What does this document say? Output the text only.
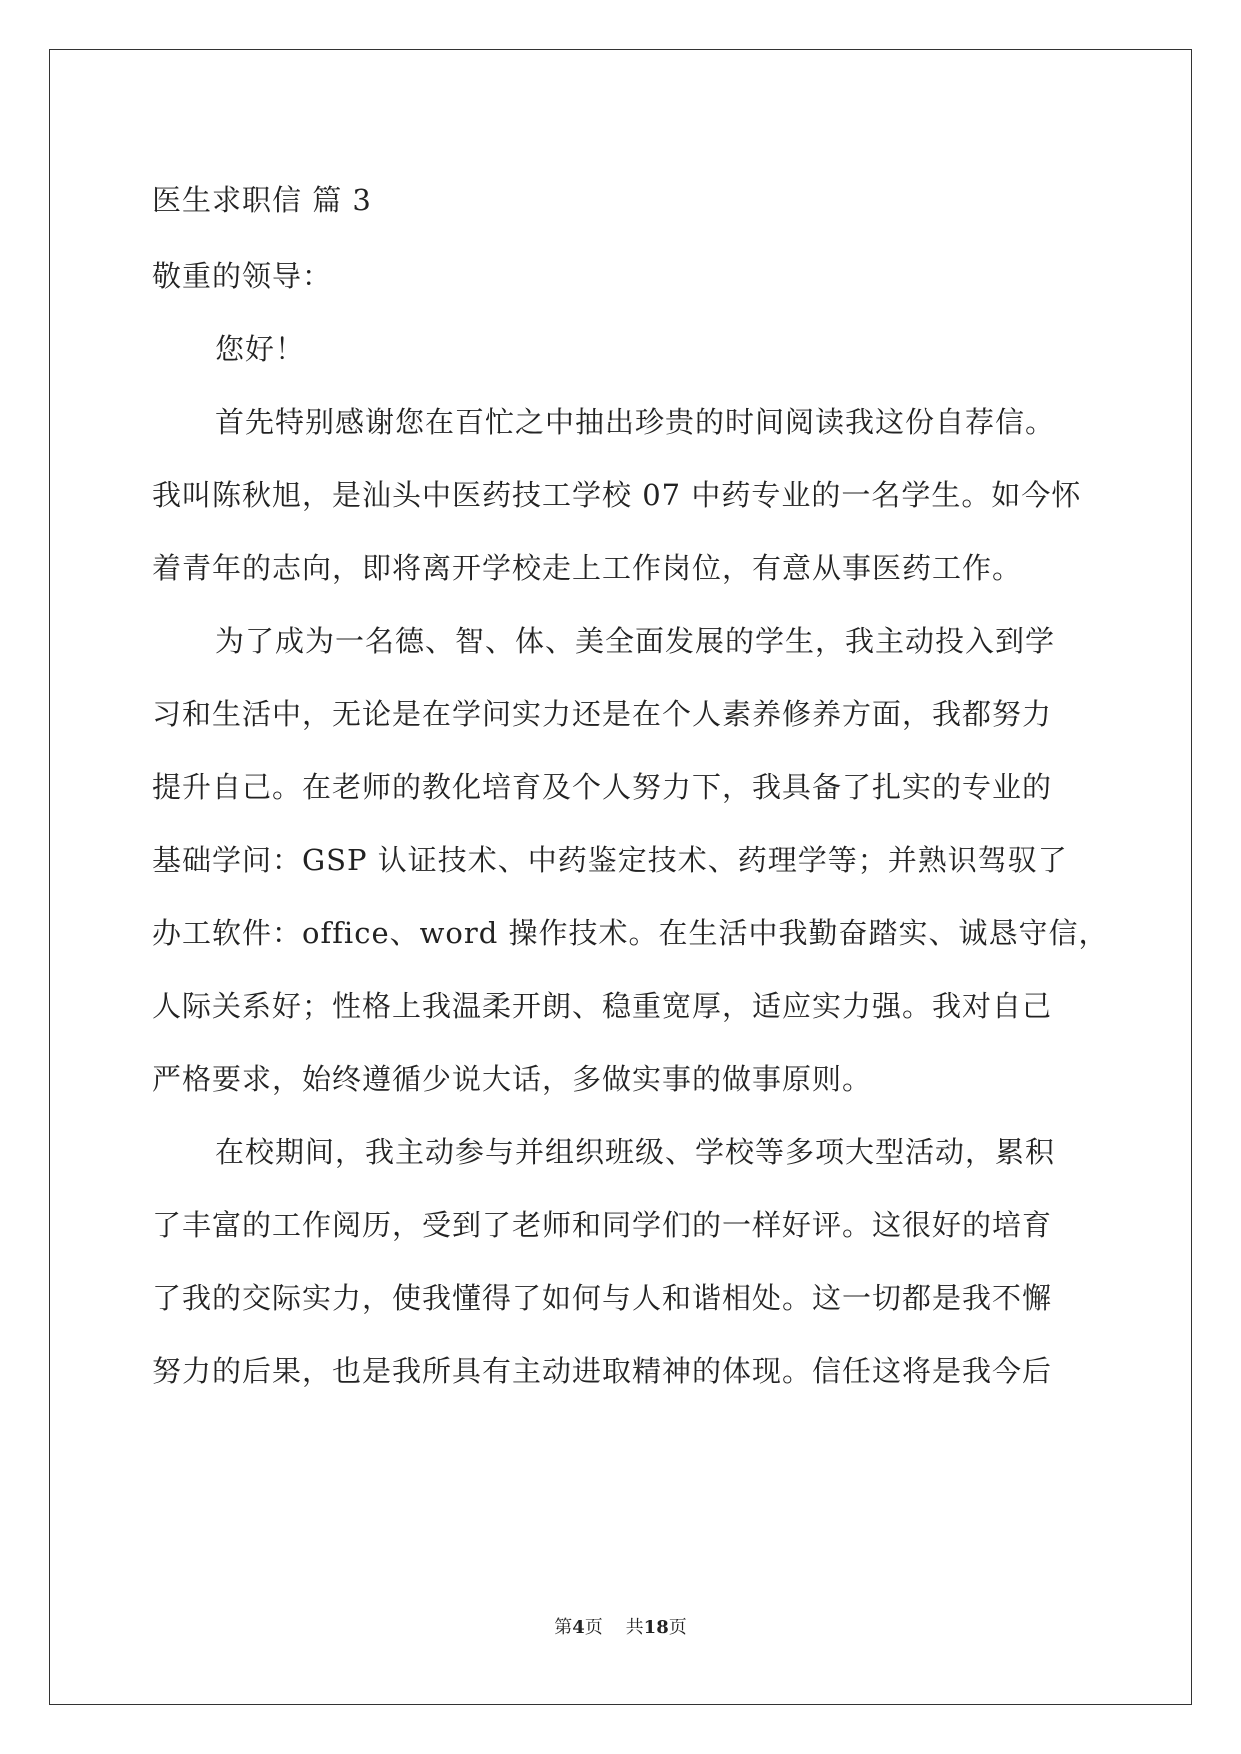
医生求职信 篇 3
敬重的领导：
您好！
首先特别感谢您在百忙之中抽出珍贵的时间阅读我这份自荐信。
我叫陈秋旭，是汕头中医药技工学校 07 中药专业的一名学生。如今怀
着青年的志向，即将离开学校走上工作岗位，有意从事医药工作。
为了成为一名德、智、体、美全面发展的学生，我主动投入到学
习和生活中，无论是在学问实力还是在个人素养修养方面，我都努力
提升自己。在老师的教化培育及个人努力下，我具备了扎实的专业的
基础学问：GSP 认证技术、中药鉴定技术、药理学等；并熟识驾驭了
办工软件：office、word 操作技术。在生活中我勤奋踏实、诚恳守信，
人际关系好；性格上我温柔开朗、稳重宽厚，适应实力强。我对自己
严格要求，始终遵循少说大话，多做实事的做事原则。
在校期间，我主动参与并组织班级、学校等多项大型活动，累积
了丰富的工作阅历，受到了老师和同学们的一样好评。这很好的培育
了我的交际实力，使我懂得了如何与人和谐相处。这一切都是我不懈
努力的后果，也是我所具有主动进取精神的体现。信任这将是我今后
第4页 共18页
